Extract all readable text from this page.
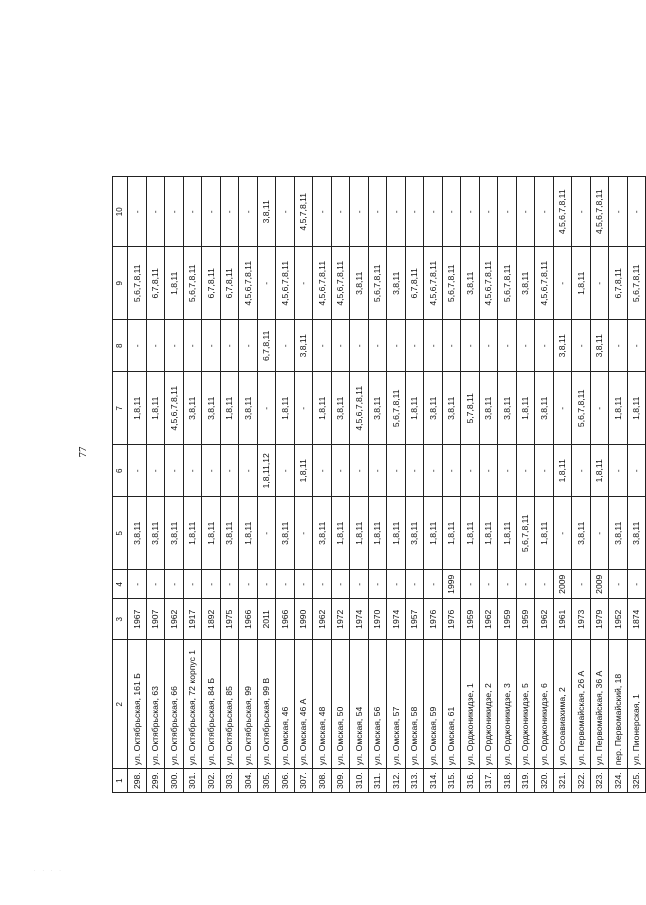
77
1	2	3	4	5	6	7	8	9	10
298.	ул. Октябрьская, 161 Б	1967	-	3,8,11	-	1,8,11	-	5,6,7,8,11	-
299.	ул. Октябрьская, 63	1907	-	3,8,11	-	1,8,11	-	6,7,8,11	-
300.	ул. Октябрьская, 66	1962	-	3,8,11	-	4,5,6,7,8,11	-	1,8,11	-
301.	ул. Октябрьская, 72 корпус 1	1917	-	1,8,11	-	3,8,11	-	5,6,7,8,11	-
302.	ул. Октябрьская, 84 Б	1892	-	1,8,11	-	3,8,11	-	6,7,8,11	-
303.	ул. Октябрьская, 85	1975	-	3,8,11	-	1,8,11	-	6,7,8,11	-
304.	ул. Октябрьская, 99	1966	-	1,8,11	-	3,8,11	-	4,5,6,7,8,11	-
305.	ул. Октябрьская, 99 В	2011	-	-	1,8,11,12	-	6,7,8,11	-	3,8,11
306.	ул. Омская, 46	1966	-	3,8,11	-	1,8,11	-	4,5,6,7,8,11	-
307.	ул. Омская, 46 А	1990	-	-	1,8,11	-	3,8,11	-	4,5,7,8,11
308.	ул. Омская, 48	1962	-	3,8,11	-	1,8,11	-	4,5,6,7,8,11	-
309.	ул. Омская, 50	1972	-	1,8,11	-	3,8,11	-	4,5,6,7,8,11	-
310.	ул. Омская, 54	1974	-	1,8,11	-	4,5,6,7,8,11	-	3,8,11	-
311.	ул. Омская, 56	1970	-	1,8,11	-	3,8,11	-	5,6,7,8,11	-
312.	ул. Омская, 57	1974	-	1,8,11	-	5,6,7,8,11	-	3,8,11	-
313.	ул. Омская, 58	1957	-	3,8,11	-	1,8,11	-	6,7,8,11	-
314.	ул. Омская, 59	1976	-	1,8,11	-	3,8,11	-	4,5,6,7,8,11	-
315.	ул. Омская, 61	1976	1999	1,8,11	-	3,8,11	-	5,6,7,8,11	-
316.	ул. Орджоникидзе, 1	1959	-	1,8,11	-	5,7,8,11	-	3,8,11	-
317.	ул. Орджоникидзе, 2	1962	-	1,8,11	-	3,8,11	-	4,5,6,7,8,11	-
318.	ул. Орджоникидзе, 3	1959	-	1,8,11	-	3,8,11	-	5,6,7,8,11	-
319.	ул. Орджоникидзе, 5	1959	-	5,6,7,8,11	-	1,8,11	-	3,8,11	-
320.	ул. Орджоникидзе, 6	1962	-	1,8,11	-	3,8,11	-	4,5,6,7,8,11	-
321.	ул. Осоавиахима, 2	1961	2009	-	1,8,11	-	3,8,11	-	4,5,6,7,8,11
322.	ул. Первомайская, 26 А	1973	-	3,8,11	-	5,6,7,8,11	-	1,8,11	-
323.	ул. Первомайская, 36 А	1979	2009	-	1,8,11	-	3,8,11	-	4,5,6,7,8,11
324.	пер. Первомайский, 18	1952	-	3,8,11	-	1,8,11	-	6,7,8,11	-
325.	ул. Пионерская, 1	1874	-	3,8,11	-	1,8,11	-	5,6,7,8,11	-
· · · ·
